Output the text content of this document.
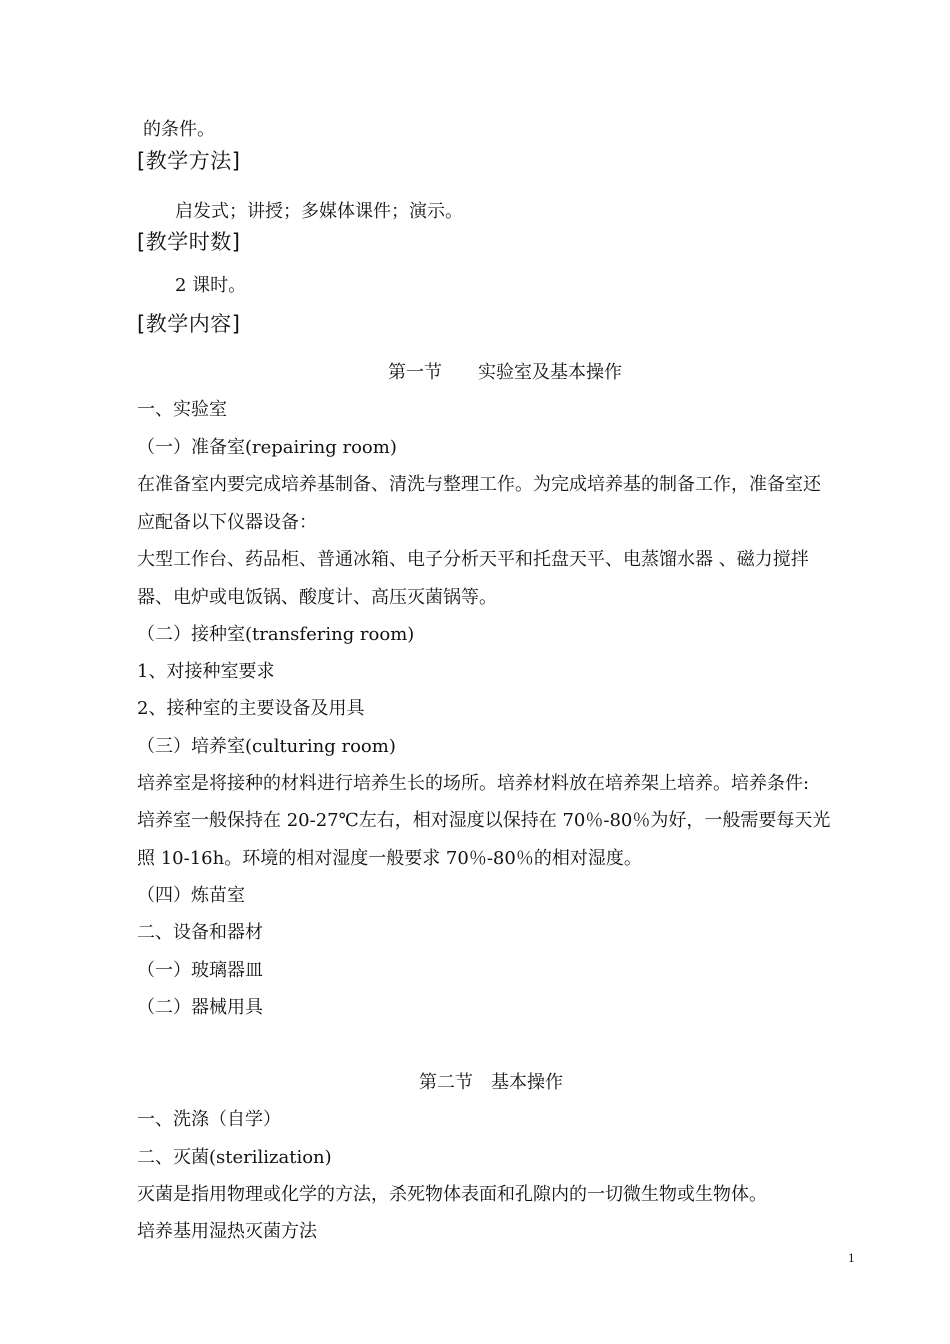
的条件。
[教学方法]
启发式；讲授；多媒体课件；演示。
[教学时数]
2 课时。
[教学内容]
第一节　　实验室及基本操作
一、实验室
（一）准备室(repairing room)
在准备室内要完成培养基制备、清洗与整理工作。为完成培养基的制备工作，准备室还
应配备以下仪器设备：
大型工作台、药品柜、普通冰箱、电子分析天平和托盘天平、电蒸馏水器 、磁力搅拌
器、电炉或电饭锅、酸度计、高压灭菌锅等。
（二）接种室(transfering room)
1、对接种室要求
2、接种室的主要设备及用具
（三）培养室(culturing room)
培养室是将接种的材料进行培养生长的场所。培养材料放在培养架上培养。培养条件:
培养室一般保持在 20-27℃左右，相对湿度以保持在 70％-80％为好，一般需要每天光
照 10-16h。环境的相对湿度一般要求 70％-80％的相对湿度。
（四）炼苗室
二、设备和器材
（一）玻璃器皿
（二）器械用具
第二节　基本操作
一、洗涤（自学）
二、灭菌(sterilization)
灭菌是指用物理或化学的方法，杀死物体表面和孔隙内的一切微生物或生物体。
培养基用湿热灭菌方法
1
